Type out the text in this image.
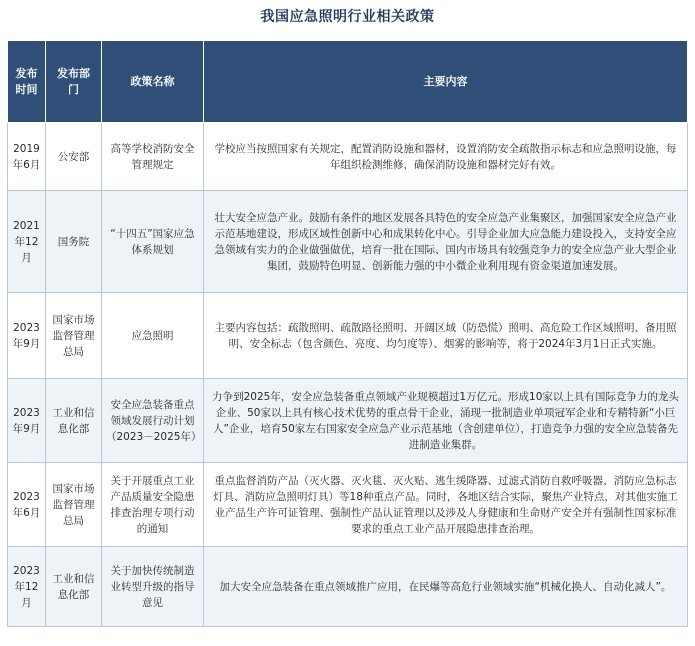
我国应急照明行业相关政策
发布时间	发布部门	政策名称	主要内容
2019年6月	公安部	高等学校消防安全管理规定	学校应当按照国家有关规定，配置消防设施和器材，设置消防安全疏散指示标志和应急照明设施，每年组织检测维修，确保消防设施和器材完好有效。
2021年12月	国务院	“十四五”国家应急体系规划	壮大安全应急产业。鼓励有条件的地区发展各具特色的安全应急产业集聚区，加强国家安全应急产业示范基地建设，形成区域性创新中心和成果转化中心。引导企业加大应急能力建设投入，支持安全应急领域有实力的企业做强做优，培育一批在国际、国内市场具有较强竞争力的安全应急产业大型企业集团，鼓励特色明显、创新能力强的中小微企业利用现有资金渠道加速发展。
2023年9月	国家市场监督管理总局	应急照明	主要内容包括：疏散照明、疏散路径照明、开阔区域（防恐慌）照明、高危险工作区域照明、备用照明、安全标志（包含颜色、亮度、均匀度等）、烟雾的影响等，将于2024年3月1日正式实施。
2023年9月	工业和信息化部	安全应急装备重点领域发展行动计划（2023－2025年）	力争到2025年，安全应急装备重点领域产业规模超过1万亿元。形成10家以上具有国际竞争力的龙头企业、50家以上具有核心技术优势的重点骨干企业，涌现一批制造业单项冠军企业和专精特新“小巨人”企业，培育50家左右国家安全应急产业示范基地（含创建单位），打造竞争力强的安全应急装备先进制造业集群。
2023年6月	国家市场监督管理总局	关于开展重点工业产品质量安全隐患排查治理专项行动的通知	重点监督消防产品（灭火器、灭火毯、灭火贴、逃生缓降器、过滤式消防自救呼吸器、消防应急标志灯具、消防应急照明灯具）等18种重点产品。同时，各地区结合实际，聚焦产业特点，对其他实施工业产品生产许可证管理、强制性产品认证管理以及涉及人身健康和生命财产安全并有强制性国家标准要求的重点工业产品开展隐患排查治理。
2023年12月	工业和信息化部	关于加快传统制造业转型升级的指导意见	加大安全应急装备在重点领域推广应用，在民爆等高危行业领域实施“机械化换人、自动化减人”。
